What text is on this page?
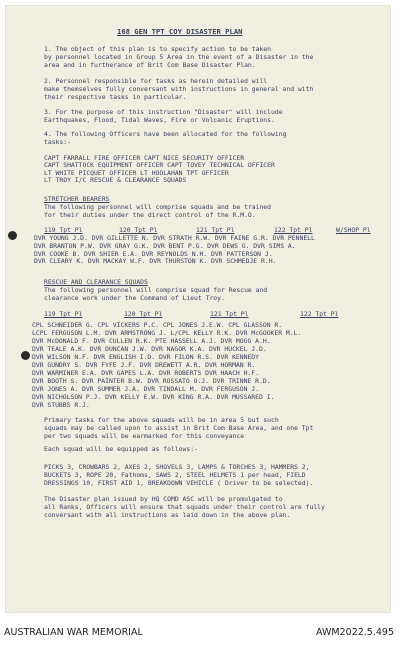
168 GEN TPT COY DISASTER PLAN
1. The object of this plan is to specify action to be taken
by personnel located in Group 5 Area in the event of a Disaster in the
area and in furtherance of Brit Com Base Disaster Plan.
2. Personnel responsible for tasks as herein detailed will
make themselves fully conversant with instructions in general and with
their respective tasks in particular.
3. For the purpose of this instruction "Disaster" will include
Earthquakes, Flood, Tidal Waves, Fire or Volcanic Eruptions.
4. The following Officers have been allocated for the following
tasks:-
CAPT FARRALL FIRE OFFICER CAPT NICE SECURITY OFFICER
CAPT SHATTOCK EQUIPMENT OFFICER CAPT TOVEY TECHNICAL OFFICER
LT WHITE PICQUET OFFICER LT HOOLAHAN TPT OFFICER
LT TROY I/C RESCUE & CLEARANCE SQUADS
STRETCHER BEARERS
The following personnel will comprise squads and be trained
for their duties under the direct control of the R.M.O.
119 Tpt Pl	120 Tpt Pl	121 Tpt Pl	122 Tpt Pl	W/SHOP Pl
DVR YOUNG J.D. DVR GILLETTE N. DVR STRATH R.W. DVR FAINE G.R. DVR PENNELL
DVR BRANTON P.W. DVR GRAY G.K. DVR BENT P.G. DVR DEWS G. DVR SIMS A.
DVR COOKE B. DVR SHIER E.A. DVR REYNOLDS N.H. DVR PATTERSON J.
DVR CLEARY K. DVR MACKAY W.F. DVR THURSTON K. DVR SCHMEDJE R.H.
RESCUE AND CLEARANCE SQUADS
The following personnel will comprise squad for Rescue and
clearance work under the Command of Lieut Troy.
119 Tpt Pl	120 Tpt Pl	121 Tpt Pl	122 Tpt Pl
CPL SCHNEIDER G. CPL VICKERS P.C. CPL JONES J.E.W. CPL GLASSON R.
LCPL FERGUSON L.M. DVR ARMSTRONG J. L/CPL KELLY R.K. DVR McGOOKER M.L.
DVR McDONALD F. DVR CULLEN R.K. PTE HASSELL A.J. DVR MOGG A.H.
DVR TEALE A.K. DVR DUNCAN J.W. DVR NAGOR K.A. DVR HUCKEL J.D.
DVR WILSON N.F. DVR ENGLISH I.D. DVR FILON R.S. DVR KENNEDY
DVR GUNDRY S. DVR FYFE J.F. DVR DREWETT A.R. DVR HORMAN R.
DVR WARMINER E.A. DVR GAPES L.A. DVR ROBERTS DVR HAACH H.F.
DVR BOOTH S. DVR PAINTER B.W. DVR ROSSATO O.J. DVR TRINNE R.D.
DVR JONES A. DVR SUMMER J.A. DVR TINDALL M. DVR FERGUSON J.
DVR NICHOLSON P.J. DVR KELLY E.W. DVR KING R.A. DVR MUSSARED I.
DVR STUBBS R.J.
Primary tasks for the above squads will be in area 5 but such
squads may be called upon to assist in Brit Com Base Area, and one Tpt
per two squads will be earmarked for this conveyance
Each squad will be equipped as follows:-
PICKS 3, CROWBARS 2, AXES 2, SHOVELS 3, LAMPS & TORCHES 3, HAMMERS 2,
BUCKETS 3, ROPE 20, Fathoms, SAWS 2, STEEL HELMETS 1 per head, FIELD
DRESSINGS 10, FIRST AID 1, BREAKDOWN VEHICLE ( Driver to be selected).
The Disaster plan issued by HQ COMD ASC will be promulgated to
all Ranks, Officers will ensure that squads under their control are fully
conversant with all instructions as laid down in the above plan.
AUSTRALIAN WAR MEMORIAL	AWM2022.5.495
